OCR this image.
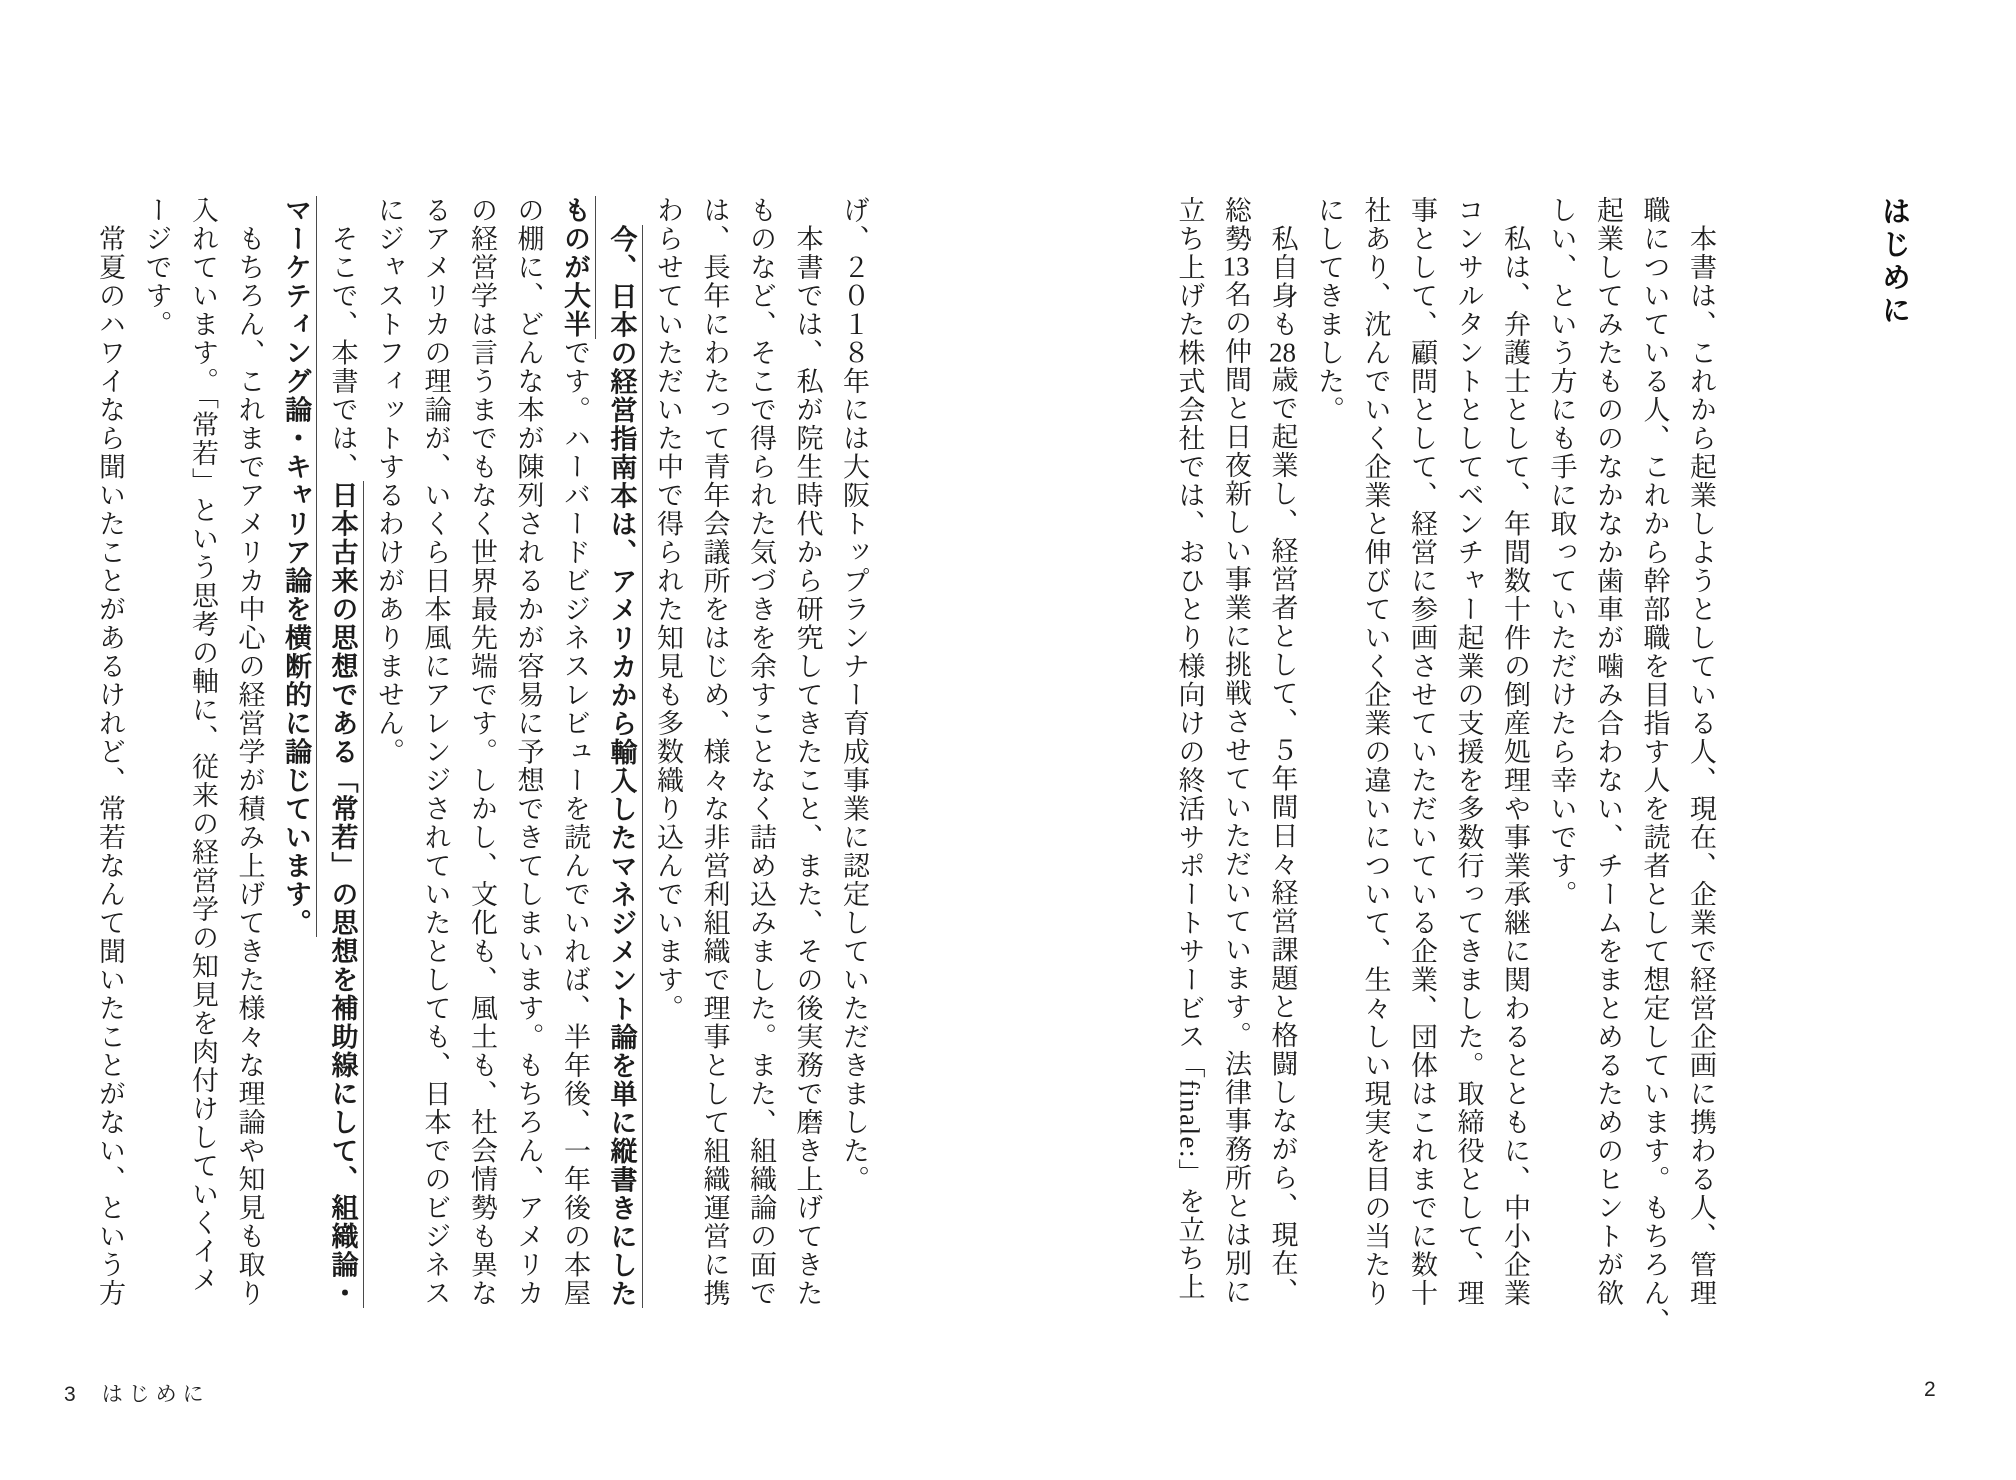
はじめに
　本書は、これから起業しようとしている人、現在、企業で経営企画に携わる人、管理
職についている人、これから幹部職を目指す人を読者として想定しています。もちろん、
起業してみたもののなかなか歯車が噛み合わない、チームをまとめるためのヒントが欲
しい、という方にも手に取っていただけたら幸いです。
　私は、弁護士として、年間数十件の倒産処理や事業承継に関わるとともに、中小企業
コンサルタントとしてベンチャー起業の支援を多数行ってきました。取締役として、理
事として、顧問として、経営に参画させていただいている企業、団体はこれまでに数十
社あり、沈んでいく企業と伸びていく企業の違いについて、生々しい現実を目の当たり
にしてきました。
　私自身も28歳で起業し、経営者として、５年間日々経営課題と格闘しながら、現在、
総勢13名の仲間と日夜新しい事業に挑戦させていただいています。法律事務所とは別に
立ち上げた株式会社では、おひとり様向けの終活サポートサービス「finale:」を立ち上
げ、２０１８年には大阪トップランナー育成事業に認定していただきました。
　本書では、私が院生時代から研究してきたこと、また、その後実務で磨き上げてきた
ものなど、そこで得られた気づきを余すことなく詰め込みました。また、組織論の面で
は、長年にわたって青年会議所をはじめ、様々な非営利組織で理事として組織運営に携
わらせていただいた中で得られた知見も多数織り込んでいます。
　今、日本の経営指南本は、アメリカから輸入したマネジメント論を単に縦書きにした
ものが大半です。ハーバードビジネスレビューを読んでいれば、半年後、一年後の本屋
の棚に、どんな本が陳列されるかが容易に予想できてしまいます。もちろん、アメリカ
の経営学は言うまでもなく世界最先端です。しかし、文化も、風土も、社会情勢も異な
るアメリカの理論が、いくら日本風にアレンジされていたとしても、日本でのビジネス
にジャストフィットするわけがありません。
　そこで、本書では、日本古来の思想である「常若」の思想を補助線にして、組織論・
マーケティング論・キャリア論を横断的に論じています。
　もちろん、これまでアメリカ中心の経営学が積み上げてきた様々な理論や知見も取り
入れています。「常若」という思考の軸に、従来の経営学の知見を肉付けしていくイメ
ージです。
　常夏のハワイなら聞いたことがあるけれど、常若なんて聞いたことがない、という方
3 はじめに	2
